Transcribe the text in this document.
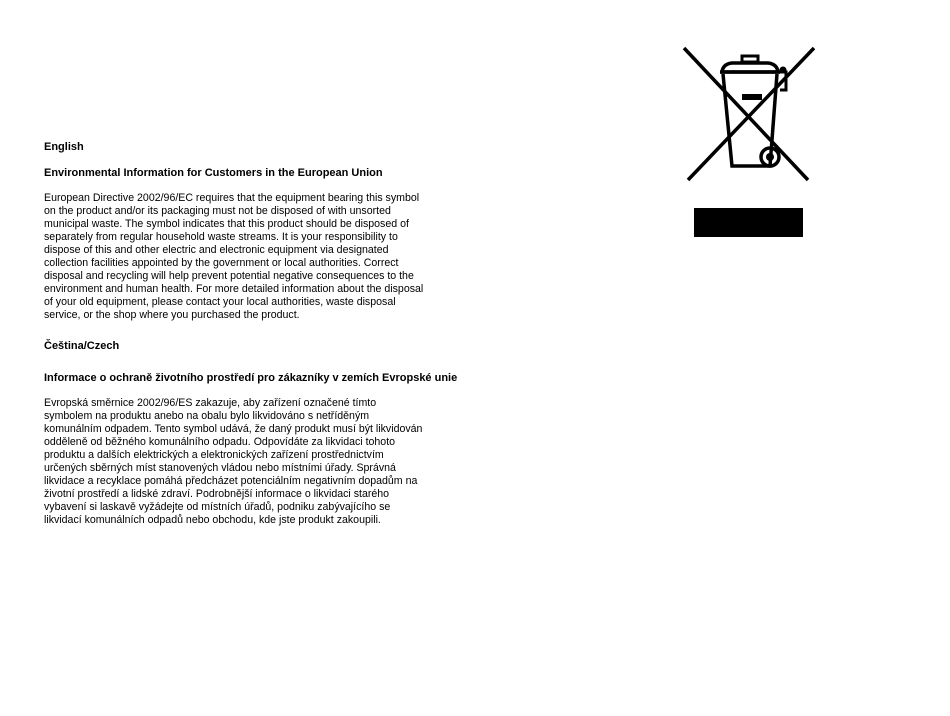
English
Environmental Information for Customers in the European Union
European Directive 2002/96/EC requires that the equipment bearing this symbol
on the product and/or its packaging must not be disposed of with unsorted
municipal waste. The symbol indicates that this product should be disposed of
separately from regular household waste streams. It is your responsibility to
dispose of this and other electric and electronic equipment via designated
collection facilities appointed by the government or local authorities. Correct
disposal and recycling will help prevent potential negative consequences to the
environment and human health. For more detailed information about the disposal
of your old equipment, please contact your local authorities, waste disposal
service, or the shop where you purchased the product.
Čeština/Czech
Informace o ochraně životního prostředí pro zákazníky v zemích Evropské unie
Evropská směrnice 2002/96/ES zakazuje, aby zařízení označené tímto
symbolem na produktu anebo na obalu bylo likvidováno s netříděným
komunálním odpadem. Tento symbol udává, že daný produkt musí být likvidován
odděleně od běžného komunálního odpadu. Odpovídáte za likvidaci tohoto
produktu a dalších elektrických a elektronických zařízení prostřednictvím
určených sběrných míst stanovených vládou nebo místními úřady. Správná
likvidace a recyklace pomáhá předcházet potenciálním negativním dopadům na
životní prostředí a lidské zdraví. Podrobnější informace o likvidaci starého
vybavení si laskavě vyžádejte od místních úřadů, podniku zabývajícího se
likvidací komunálních odpadů nebo obchodu, kde jste produkt zakoupili.
